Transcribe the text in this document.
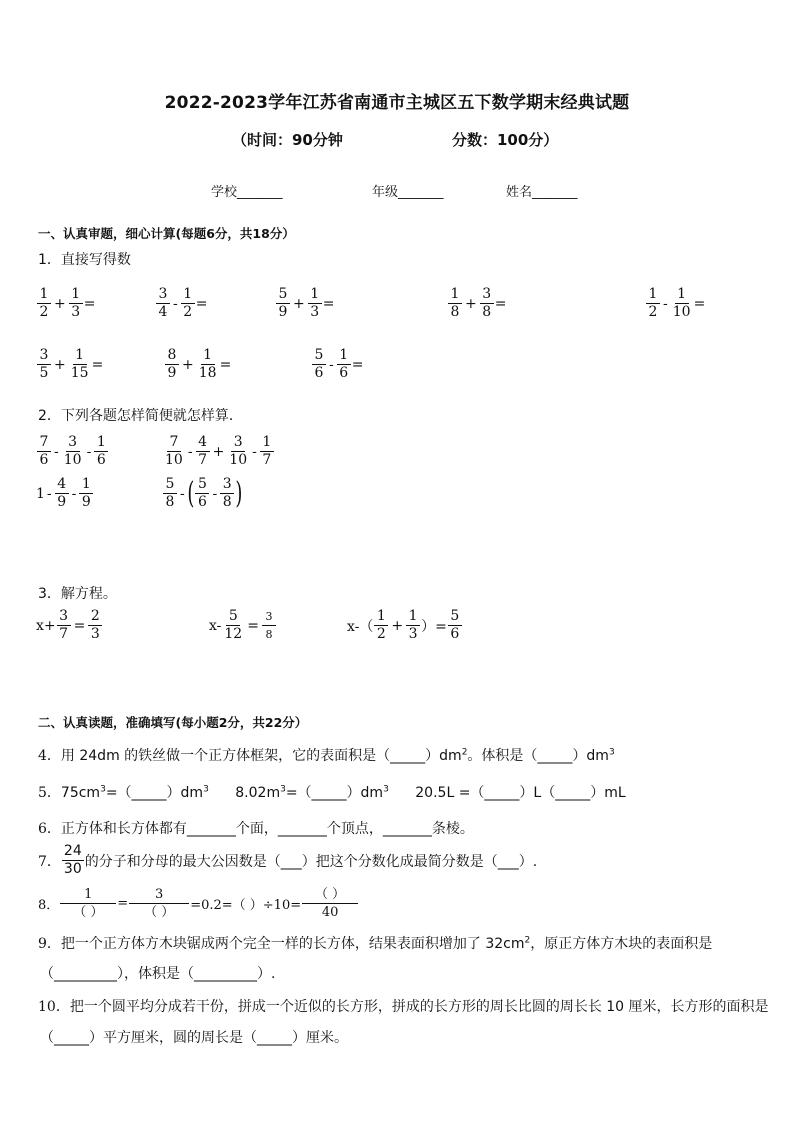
2022-2023学年江苏省南通市主城区五下数学期末经典试题
（时间：90分钟	分数：100分）
学校_______	年级_______	姓名_______
一、认真审题，细心计算(每题6分，共18分）
1．直接写得数
$\frac{1}{2} + \frac{1}{3}$ =	$\frac{3}{4} - \frac{1}{2}$ =	$\frac{5}{9} + \frac{1}{3}$ =	$\frac{1}{8} + \frac{3}{8}$ =	$\frac{1}{2} - \frac{1}{10}$ =
$\frac{3}{5} + \frac{1}{15}$ =	$\frac{8}{9} + \frac{1}{18}$ =	$\frac{5}{6} - \frac{1}{6}$ =
2．下列各题怎样简便就怎样算．
$\frac{7}{6} - \frac{3}{10} - \frac{1}{6}$	$\frac{7}{10} - \frac{4}{7} + \frac{3}{10} - \frac{1}{7}$
$1 - \frac{4}{9} - \frac{1}{9}$	$\frac{5}{8}$ - ( $\frac{5}{6} - \frac{3}{8}$ )
3．解方程。
$x+ \frac{3}{7} = \frac{2}{3}$	$x- \frac{5}{12} = \frac{3}{8}$	$x-( \frac{1}{2} + \frac{1}{3}$ ）= $\frac{5}{6}$
二、认真读题，准确填写(每小题2分，共22分）
4．用 24dm 的铁丝做一个正方体框架，它的表面积是$(\_\_\_\_\_)dm^2$。体积是$(\_\_\_\_\_)dm^3$
5．$75cm^3=(\_\_\_\_\_)dm^3$ $8.02m^3=(\_\_\_\_\_)dm^3$ 20.5L =（_____）L（_____）mL
6．正方体和长方体都有_______个面，_______个顶点，_______条棱。
7． $\frac{24}{30}$ 的分子和分母的最大公因数是（___）把这个分数化成最简分数是（___）.
8． $\frac{1}{( )} = \frac{3}{( )} =0.2=$（ ）$\div 10= \frac{( )}{40}$
9．把一个正方体方木块锯成两个完全一样的长方体，结果表面积增加了 $32cm^2$，原正方体方木块的表面积是
（_________），体积是（_________）.
10．把一个圆平均分成若干份，拼成一个近似的长方形，拼成的长方形的周长比圆的周长长 10 厘米，长方形的面积是
（_____）平方厘米，圆的周长是（_____）厘米。
